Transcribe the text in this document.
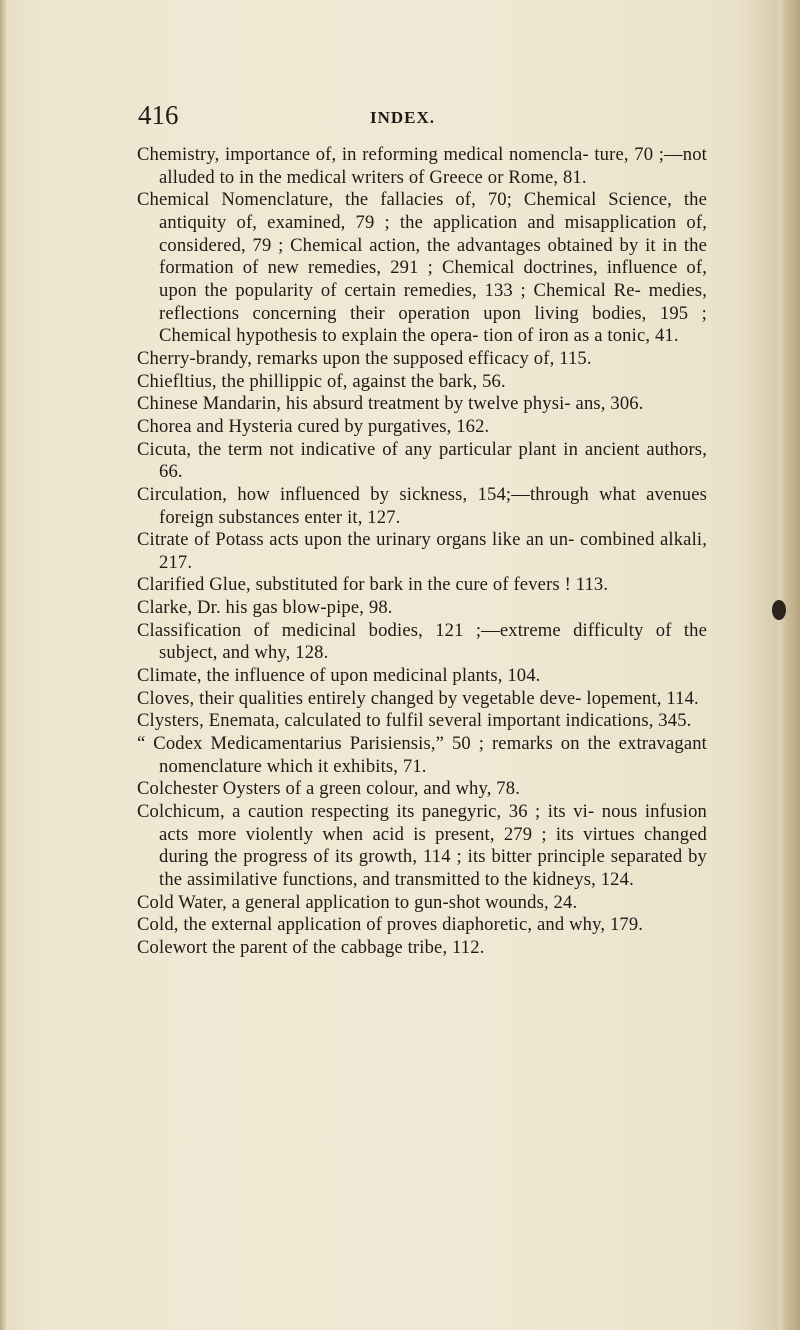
416	INDEX.

Chemistry, importance of, in reforming medical nomencla- ture, 70 ;—not alluded to in the medical writers of Greece or Rome, 81.

Chemical Nomenclature, the fallacies of, 70; Chemical Science, the antiquity of, examined, 79 ; the application and misapplication of, considered, 79 ; Chemical action, the advantages obtained by it in the formation of new remedies, 291 ; Chemical doctrines, influence of, upon the popularity of certain remedies, 133 ; Chemical Re- medies, reflections concerning their operation upon living bodies, 195 ; Chemical hypothesis to explain the opera- tion of iron as a tonic, 41.

Cherry-brandy, remarks upon the supposed efficacy of, 115.

Chiefltius, the phillippic of, against the bark, 56.

Chinese Mandarin, his absurd treatment by twelve physi- ans, 306.

Chorea and Hysteria cured by purgatives, 162.

Cicuta, the term not indicative of any particular plant in ancient authors, 66.

Circulation, how influenced by sickness, 154;—through what avenues foreign substances enter it, 127.

Citrate of Potass acts upon the urinary organs like an un- combined alkali, 217.

Clarified Glue, substituted for bark in the cure of fevers ! 113.

Clarke, Dr. his gas blow-pipe, 98.

Classification of medicinal bodies, 121 ;—extreme difficulty of the subject, and why, 128.

Climate, the influence of upon medicinal plants, 104.

Cloves, their qualities entirely changed by vegetable deve- lopement, 114.

Clysters, Enemata, calculated to fulfil several important indications, 345.

“ Codex Medicamentarius Parisiensis,” 50 ; remarks on the extravagant nomenclature which it exhibits, 71.

Colchester Oysters of a green colour, and why, 78.

Colchicum, a caution respecting its panegyric, 36 ; its vi- nous infusion acts more violently when acid is present, 279 ; its virtues changed during the progress of its growth, 114 ; its bitter principle separated by the assimilative functions, and transmitted to the kidneys, 124.

Cold Water, a general application to gun-shot wounds, 24.

Cold, the external application of proves diaphoretic, and why, 179.

Colewort the parent of the cabbage tribe, 112.
